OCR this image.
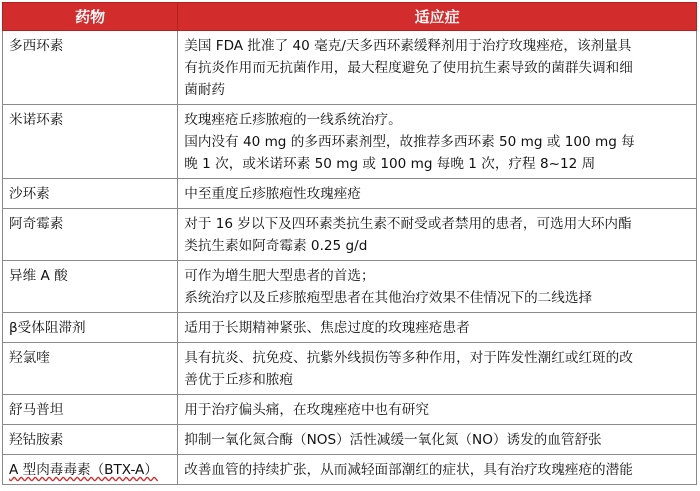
药物	适应症
多西环素	美国 FDA 批准了 40 毫克/天多西环素缓释剂用于治疗玫瑰痤疮，该剂量具
有抗炎作用而无抗菌作用，最大程度避免了使用抗生素导致的菌群失调和细
菌耐药

米诺环素	玫瑰痤疮丘疹脓疱的一线系统治疗。
国内没有 40 mg 的多西环素剂型，故推荐多西环素 50 mg 或 100 mg 每
晚 1 次，或米诺环素 50 mg 或 100 mg 每晚 1 次，疗程 8~12 周

沙环素	中至重度丘疹脓疱性玫瑰痤疮

阿奇霉素	对于 16 岁以下及四环素类抗生素不耐受或者禁用的患者，可选用大环内酯
类抗生素如阿奇霉素 0.25 g/d

异维 A 酸	可作为增生肥大型患者的首选；
系统治疗以及丘疹脓疱型患者在其他治疗效果不佳情况下的二线选择

β受体阻滞剂	适用于长期精神紧张、焦虑过度的玫瑰痤疮患者

羟氯喹	具有抗炎、抗免疫、抗紫外线损伤等多种作用，对于阵发性潮红或红斑的改
善优于丘疹和脓疱

舒马普坦	用于治疗偏头痛，在玫瑰痤疮中也有研究

羟钴胺素	抑制一氧化氮合酶（NOS）活性减缓一氧化氮（NO）诱发的血管舒张

A 型肉毒毒素（BTX-A）	改善血管的持续扩张，从而减轻面部潮红的症状，具有治疗玫瑰痤疮的潜能
